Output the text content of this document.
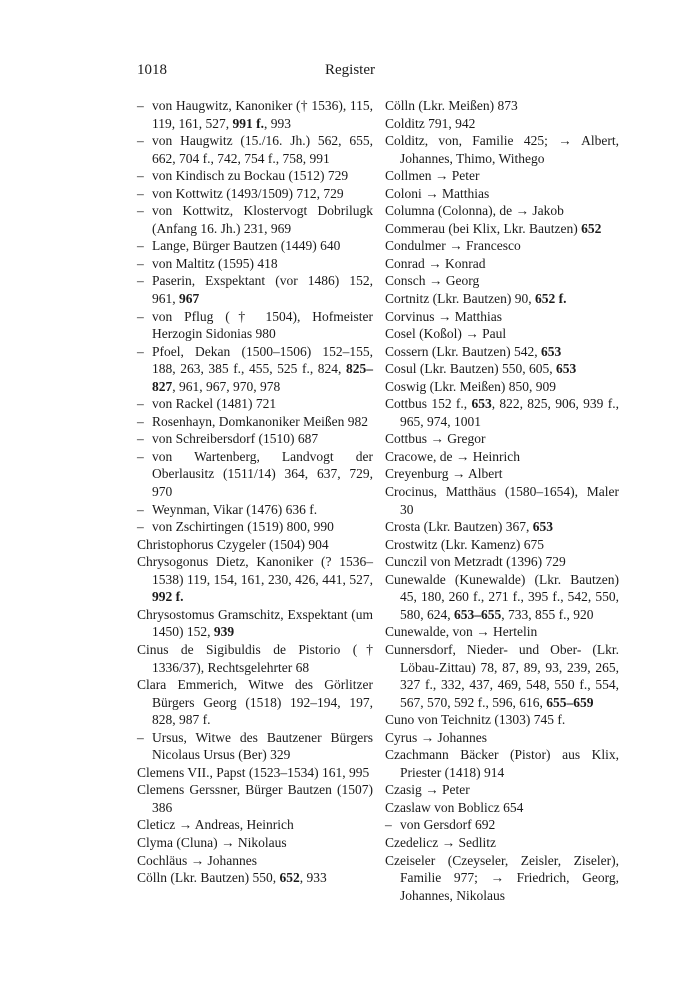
1018	Register
– von Haugwitz, Kanoniker († 1536), 115, 119, 161, 527, 991 f., 993
– von Haugwitz (15./16. Jh.) 562, 655, 662, 704 f., 742, 754 f., 758, 991
– von Kindisch zu Bockau (1512) 729
– von Kottwitz (1493/1509) 712, 729
– von Kottwitz, Klostervogt Dobrilugk (Anfang 16. Jh.) 231, 969
– Lange, Bürger Bautzen (1449) 640
– von Maltitz (1595) 418
– Paserin, Exspektant (vor 1486) 152, 961, 967
– von Pflug († 1504), Hofmeister Herzogin Sidonias 980
– Pfoel, Dekan (1500–1506) 152–155, 188, 263, 385 f., 455, 525 f., 824, 825–827, 961, 967, 970, 978
– von Rackel (1481) 721
– Rosenhayn, Domkanoniker Meißen 982
– von Schreibersdorf (1510) 687
– von Wartenberg, Landvogt der Oberlausitz (1511/14) 364, 637, 729, 970
– Weynman, Vikar (1476) 636 f.
– von Zschirtingen (1519) 800, 990
Christophorus Czygeler (1504) 904
Chrysogonus Dietz, Kanoniker (? 1536–1538) 119, 154, 161, 230, 426, 441, 527, 992 f.
Chrysostomus Gramschitz, Exspektant (um 1450) 152, 939
Cinus de Sigibuldis de Pistorio († 1336/37), Rechtsgelehrter 68
Clara Emmerich, Witwe des Görlitzer Bürgers Georg (1518) 192–194, 197, 828, 987 f.
– Ursus, Witwe des Bautzener Bürgers Nicolaus Ursus (Ber) 329
Clemens VII., Papst (1523–1534) 161, 995
Clemens Gerssner, Bürger Bautzen (1507) 386
Cleticz → Andreas, Heinrich
Clyma (Cluna) → Nikolaus
Cochläus → Johannes
Cölln (Lkr. Bautzen) 550, 652, 933
Cölln (Lkr. Meißen) 873
Colditz 791, 942
Colditz, von, Familie 425; → Albert, Johannes, Thimo, Withego
Collmen → Peter
Coloni → Matthias
Columna (Colonna), de → Jakob
Commerau (bei Klix, Lkr. Bautzen) 652
Condulmer → Francesco
Conrad → Konrad
Consch → Georg
Cortnitz (Lkr. Bautzen) 90, 652 f.
Corvinus → Matthias
Cosel (Koßol) → Paul
Cossern (Lkr. Bautzen) 542, 653
Cosul (Lkr. Bautzen) 550, 605, 653
Coswig (Lkr. Meißen) 850, 909
Cottbus 152 f., 653, 822, 825, 906, 939 f., 965, 974, 1001
Cottbus → Gregor
Cracowe, de → Heinrich
Creyenburg → Albert
Crocinus, Matthäus (1580–1654), Maler 30
Crosta (Lkr. Bautzen) 367, 653
Crostwitz (Lkr. Kamenz) 675
Cunczil von Metzradt (1396) 729
Cunewalde (Kunewalde) (Lkr. Bautzen) 45, 180, 260 f., 271 f., 395 f., 542, 550, 580, 624, 653–655, 733, 855 f., 920
Cunewalde, von → Hertelin
Cunnersdorf, Nieder- und Ober- (Lkr. Löbau-Zittau) 78, 87, 89, 93, 239, 265, 327 f., 332, 437, 469, 548, 550 f., 554, 567, 570, 592 f., 596, 616, 655–659
Cuno von Teichnitz (1303) 745 f.
Cyrus → Johannes
Czachmann Bäcker (Pistor) aus Klix, Priester (1418) 914
Czasig → Peter
Czaslaw von Boblicz 654
– von Gersdorf 692
Czedelicz → Sedlitz
Czeiseler (Czeyseler, Zeisler, Ziseler), Familie 977; → Friedrich, Georg, Johannes, Nikolaus
